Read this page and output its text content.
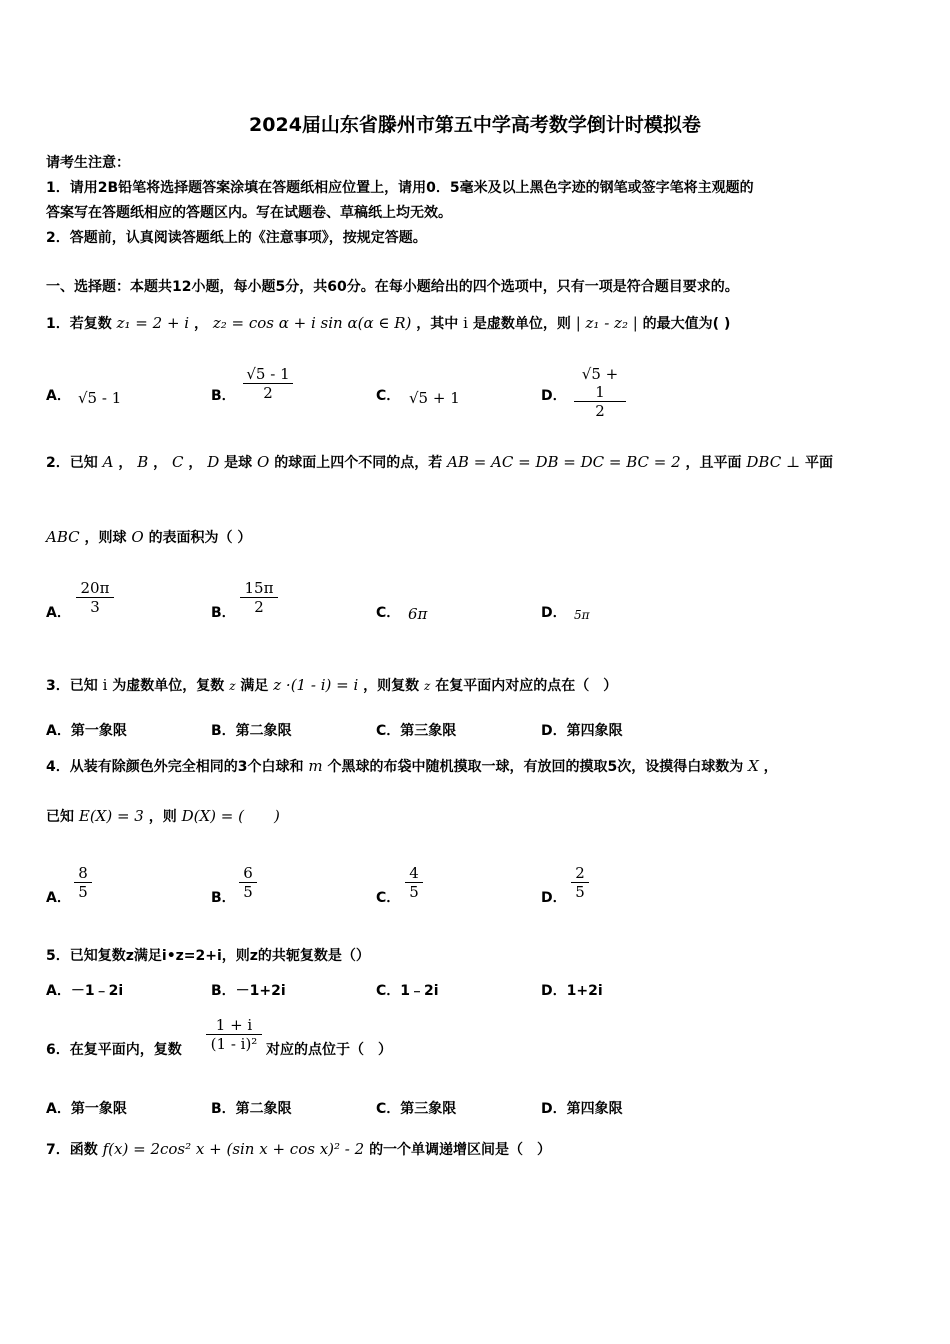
2024届山东省滕州市第五中学高考数学倒计时模拟卷
请考生注意：
1．请用2B铅笔将选择题答案涂填在答题纸相应位置上，请用0．5毫米及以上黑色字迹的钢笔或签字笔将主观题的
答案写在答题纸相应的答题区内。写在试题卷、草稿纸上均无效。
2．答题前，认真阅读答题纸上的《注意事项》，按规定答题。
一、选择题：本题共12小题，每小题5分，共60分。在每小题给出的四个选项中，只有一项是符合题目要求的。
1．若复数 z₁ = 2 + i ， z₂ = cos α + i sin α(α ∈ R) ，其中 i 是虚数单位，则 | z₁ - z₂ | 的最大值为( )
A． √5 - 1	B．
√5 - 1
2	C． √5 + 1	D．
√5 + 1
2
2．已知 A ， B ， C ， D 是球 O 的球面上四个不同的点，若 AB = AC = DB = DC = BC = 2 ，且平面 DBC ⊥ 平面
ABC ，则球 O 的表面积为（ ）
A．
20π
3	B．
15π
2	C． 6π	D． 5π
3．已知 i 为虚数单位，复数 z 满足 z ·(1 - i) = i ，则复数 z 在复平面内对应的点在（　）
A．第一象限	B．第二象限	C．第三象限	D．第四象限
4．从装有除颜色外完全相同的3个白球和 m 个黑球的布袋中随机摸取一球，有放回的摸取5次，设摸得白球数为 X ，
已知 E(X) = 3 ，则 D(X) = (　　)
A．
8
5	B．
6
5	C．
4
5	D．
2
5
5．已知复数z满足i•z=2+i，则z的共轭复数是（）
A．－1﹣2i	B．－1+2i	C．1﹣2i	D．1+2i
6．在复平面内，复数
1 + i
(1 - i)² 对应的点位于（　）
A．第一象限	B．第二象限	C．第三象限	D．第四象限
7．函数 f(x) = 2cos² x + (sin x + cos x)² - 2 的一个单调递增区间是（　）
